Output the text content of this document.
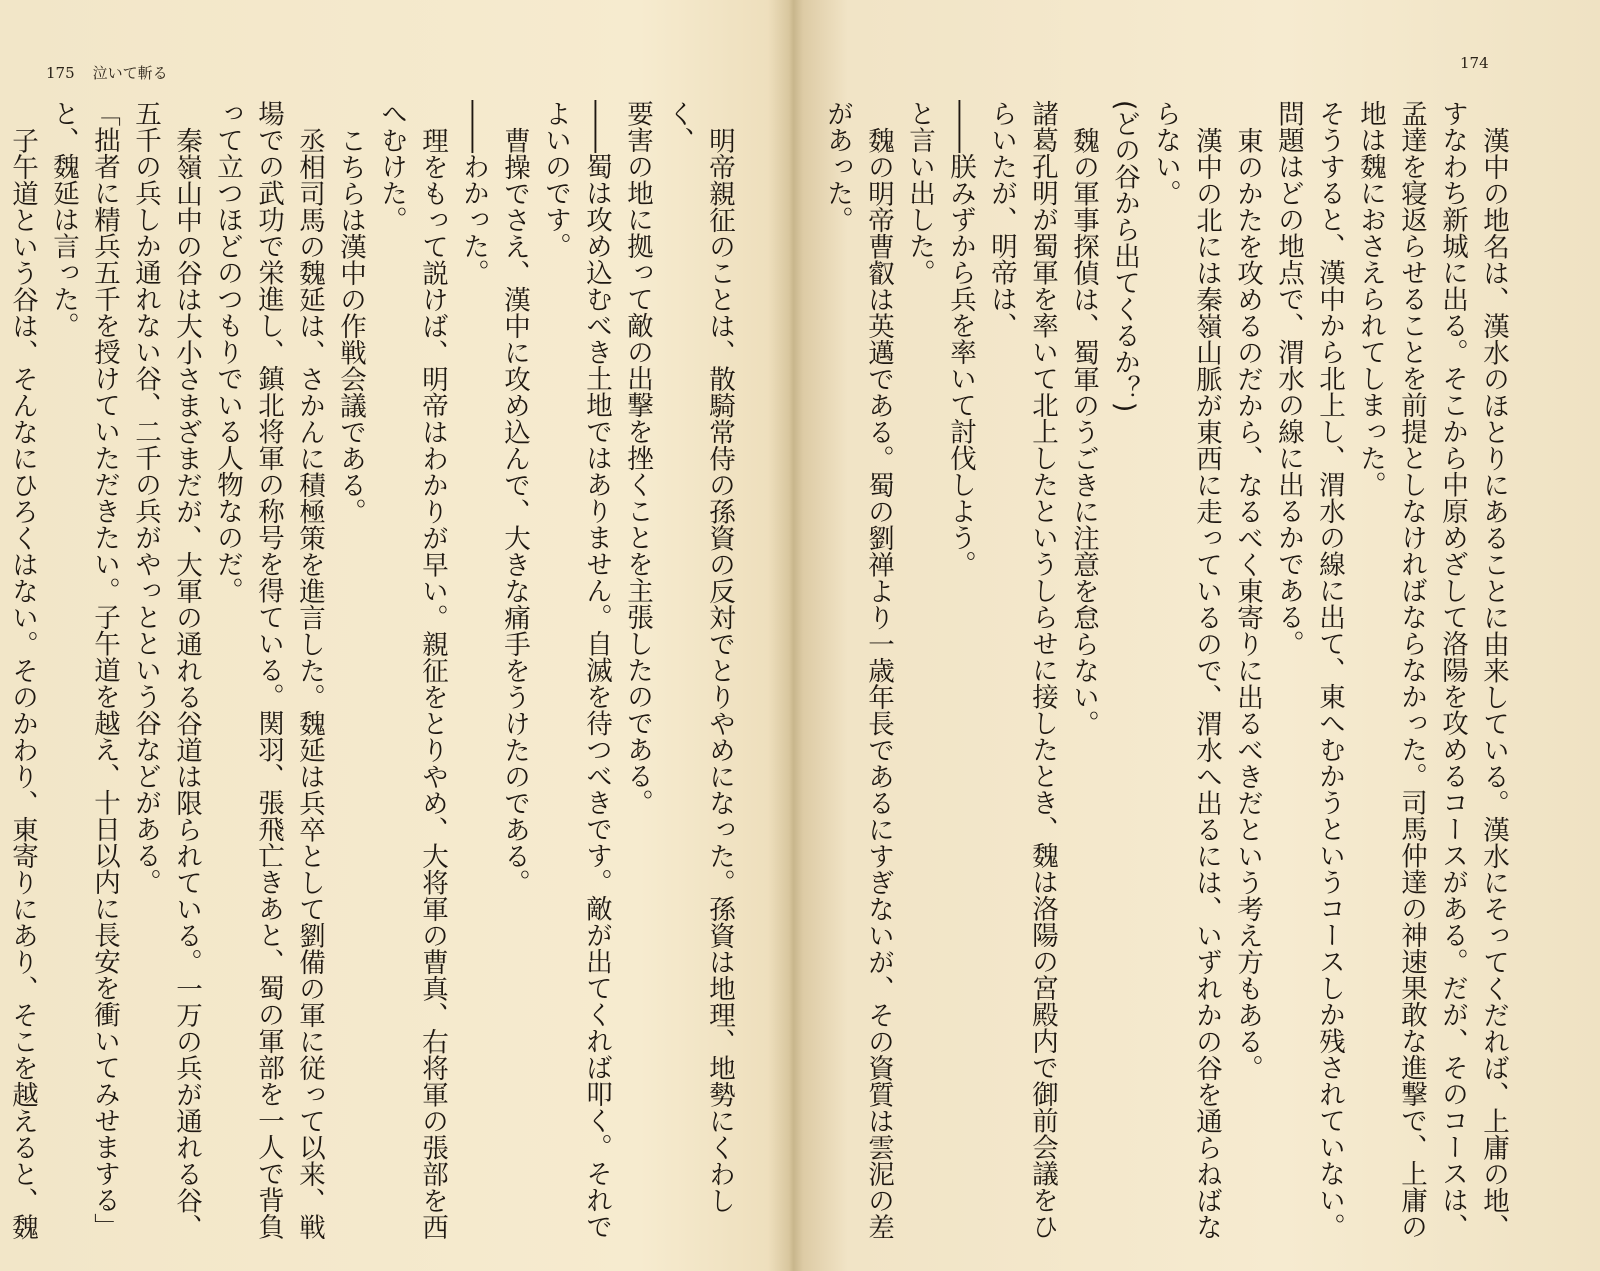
175 泣いて斬る

明帝親征のことは、散騎常侍の孫資の反対でとりやめになった。孫資は地理、地勢にくわしく、

要害の地に拠って敵の出撃を挫くことを主張したのである。

――蜀は攻め込むべき土地ではありません。自滅を待つべきです。敵が出てくれば叩く。それでよいのです。

曹操でさえ、漢中に攻め込んで、大きな痛手をうけたのである。

――わかった。

理をもって説けば、明帝はわかりが早い。親征をとりやめ、大将軍の曹真、右将軍の張部を西へむけた。

こちらは漢中の作戦会議である。

丞相司馬の魏延は、さかんに積極策を進言した。魏延は兵卒として劉備の軍に従って以来、戦場での武功で栄進し、鎮北将軍の称号を得ている。関羽、張飛亡きあと、蜀の軍部を一人で背負って立つほどのつもりでいる人物なのだ。

秦嶺山中の谷は大小さまざまだが、大軍の通れる谷道は限られている。一万の兵が通れる谷、五千の兵しか通れない谷、二千の兵がやっとという谷などがある。

「拙者に精兵五千を授けていただきたい。子午道を越え、十日以内に長安を衝いてみせまする」

と、魏延は言った。

子午道という谷は、そんなにひろくはない。そのかわり、東寄りにあり、そこを越えると、魏

174

漢中の地名は、漢水のほとりにあることに由来している。漢水にそってくだれば、上庸の地、すなわち新城に出る。そこから中原めざして洛陽を攻めるコースがある。だが、そのコースは、孟達を寝返らせることを前提としなければならなかった。司馬仲達の神速果敢な進撃で、上庸の地は魏におさえられてしまった。

そうすると、漢中から北上し、渭水の線に出て、東へむかうというコースしか残されていない。

問題はどの地点で、渭水の線に出るかである。

東のかたを攻めるのだから、なるべく東寄りに出るべきだという考え方もある。

漢中の北には秦嶺山脈が東西に走っているので、渭水へ出るには、いずれかの谷を通らねばならない。

(どの谷から出てくるか？)

魏の軍事探偵は、蜀軍のうごきに注意を怠らない。

諸葛孔明が蜀軍を率いて北上したというしらせに接したとき、魏は洛陽の宮殿内で御前会議をひらいたが、明帝は、

――朕みずから兵を率いて討伐しよう。

と言い出した。

魏の明帝曹叡は英邁である。蜀の劉禅より一歳年長であるにすぎないが、その資質は雲泥の差があった。
